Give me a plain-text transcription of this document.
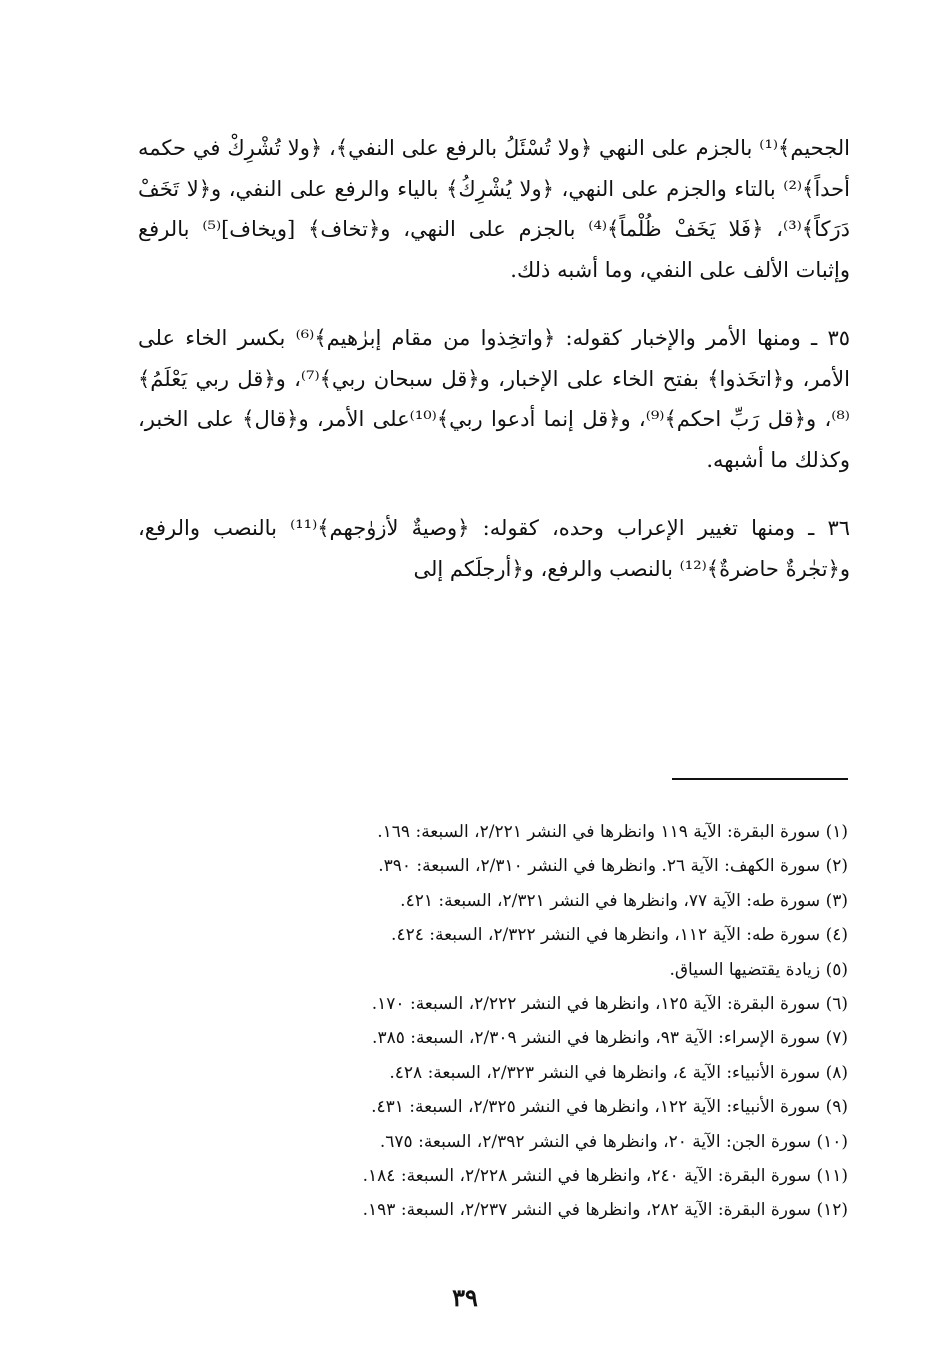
الجحيم﴾⁽¹⁾ بالجزم على النهي ﴿ولا تُسْئَلُ بالرفع على النفي﴾، ﴿ولا تُشْرِكْ في حكمه أحداً﴾⁽²⁾ بالتاء والجزم على النهي، ﴿ولا يُشْرِكُ﴾ بالياء والرفع على النفي، و﴿لا تَخَفْ دَرَكاً﴾⁽³⁾، ﴿فَلا يَخَفْ ظُلْماً﴾⁽⁴⁾ بالجزم على النهي، و﴿تخاف﴾ [ويخاف]⁽⁵⁾ بالرفع وإثبات الألف على النفي، وما أشبه ذلك.

٣٥ ـ ومنها الأمر والإخبار كقوله: ﴿واتخِذوا من مقام إبرٰهيم﴾⁽⁶⁾ بكسر الخاء على الأمر، و﴿اتخَذوا﴾ بفتح الخاء على الإخبار، و﴿قل سبحان ربي﴾⁽⁷⁾، و﴿قل ربي يَعْلَمُ﴾⁽⁸⁾، و﴿قل رَبِّ احكم﴾⁽⁹⁾، و﴿قل إنما أدعوا ربي﴾⁽¹⁰⁾على الأمر، و﴿قال﴾ على الخبر، وكذلك ما أشبهه.

٣٦ ـ ومنها تغيير الإعراب وحده، كقوله: ﴿وصيةٌ لأزوٰجهم﴾⁽¹¹⁾ بالنصب والرفع، و﴿تجٰرةٌ حاضرةٌ﴾⁽¹²⁾ بالنصب والرفع، و﴿أرجلَكم إلى

(١) سورة البقرة: الآية ١١٩ وانظرها في النشر ٢/٢٢١، السبعة: ١٦٩.
(٢) سورة الكهف: الآية ٢٦. وانظرها في النشر ٢/٣١٠، السبعة: ٣٩٠.
(٣) سورة طه: الآية ٧٧، وانظرها في النشر ٢/٣٢١، السبعة: ٤٢١.
(٤) سورة طه: الآية ١١٢، وانظرها في النشر ٢/٣٢٢، السبعة: ٤٢٤.
(٥) زيادة يقتضيها السياق.
(٦) سورة البقرة: الآية ١٢٥، وانظرها في النشر ٢/٢٢٢، السبعة: ١٧٠.
(٧) سورة الإسراء: الآية ٩٣، وانظرها في النشر ٢/٣٠٩، السبعة: ٣٨٥.
(٨) سورة الأنبياء: الآية ٤، وانظرها في النشر ٢/٣٢٣، السبعة: ٤٢٨.
(٩) سورة الأنبياء: الآية ١٢٢، وانظرها في النشر ٢/٣٢٥، السبعة: ٤٣١.
(١٠) سورة الجن: الآية ٢٠، وانظرها في النشر ٢/٣٩٢، السبعة: ٦٧٥.
(١١) سورة البقرة: الآية ٢٤٠، وانظرها في النشر ٢/٢٢٨، السبعة: ١٨٤.
(١٢) سورة البقرة: الآية ٢٨٢، وانظرها في النشر ٢/٢٣٧، السبعة: ١٩٣.
٣٩
